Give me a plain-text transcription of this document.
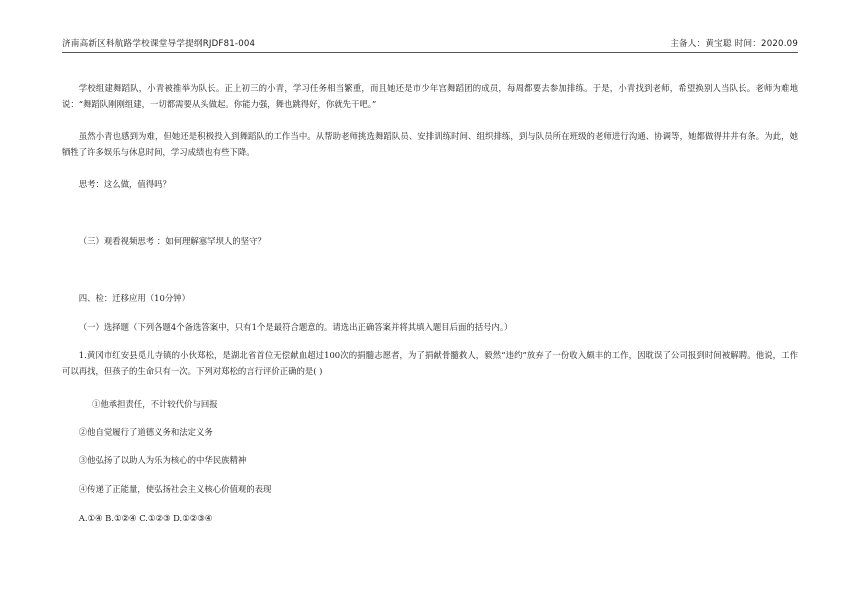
济南高新区科航路学校课堂导学提纲RJDF81-004	主备人：黄宝聪 时间：2020.09

学校组建舞蹈队，小青被推举为队长。正上初三的小青，学习任务相当繁重，而且她还是市少年宫舞蹈团的成员，每周都要去参加排练。于是，小青找到老师，希望换别人当队长。老师为难地说：“舞蹈队刚刚组建，一切都需要从头做起。你能力强，舞也跳得好，你就先干吧。”

虽然小青也感到为难，但她还是积极投入到舞蹈队的工作当中。从帮助老师挑选舞蹈队员、安排训练时间、组织排练，到与队员所在班级的老师进行沟通、协调等，她都做得井井有条。为此，她牺牲了许多娱乐与休息时间，学习成绩也有些下降。

思考：这么做，值得吗？

（三）观看视频思考 ：如何理解塞罕坝人的坚守？

四、检：迁移应用（10分钟）

（一）选择题（下列各题4个备选答案中，只有1个是最符合题意的。请选出正确答案并将其填入题目后面的括号内。）

1.黄冈市红安县觅儿寺镇的小伙郑松，是湖北省首位无偿献血超过100次的捐髓志愿者，为了捐献骨髓救人，毅然“违约”放弃了一份收入颇丰的工作，因耽误了公司报到时间被解聘。他说，工作可以再找，但孩子的生命只有一次。下列对郑松的言行评价正确的是( )

①他承担责任，不计较代价与回报

②他自觉履行了道德义务和法定义务

③他弘扬了以助人为乐为核心的中华民族精神

④传递了正能量，使弘扬社会主义核心价值观的表现

A.①④ B.①②④ C.①②③ D.①②③④
